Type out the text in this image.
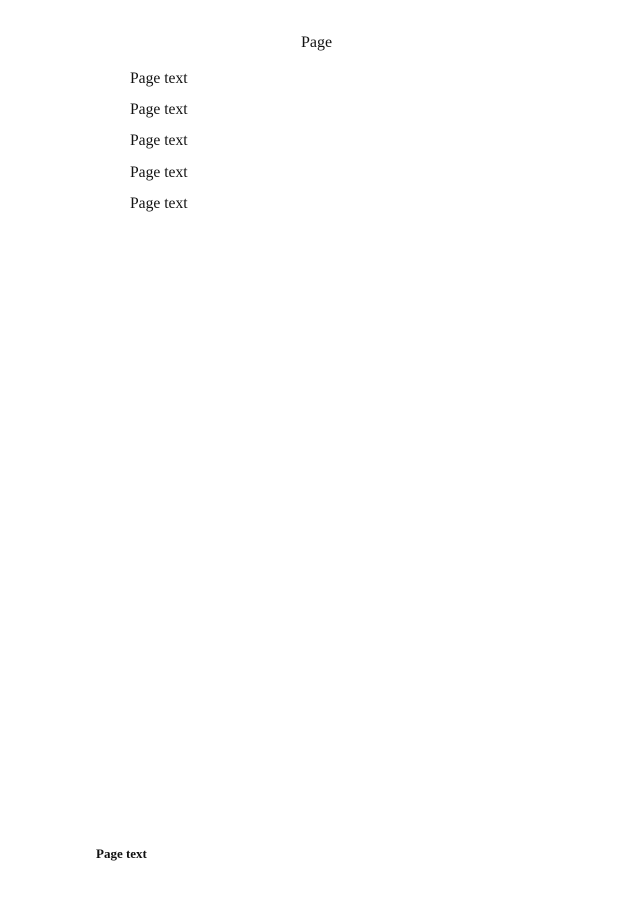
Page

Page text

Page text

Page text

Page text

Page text

Page text
